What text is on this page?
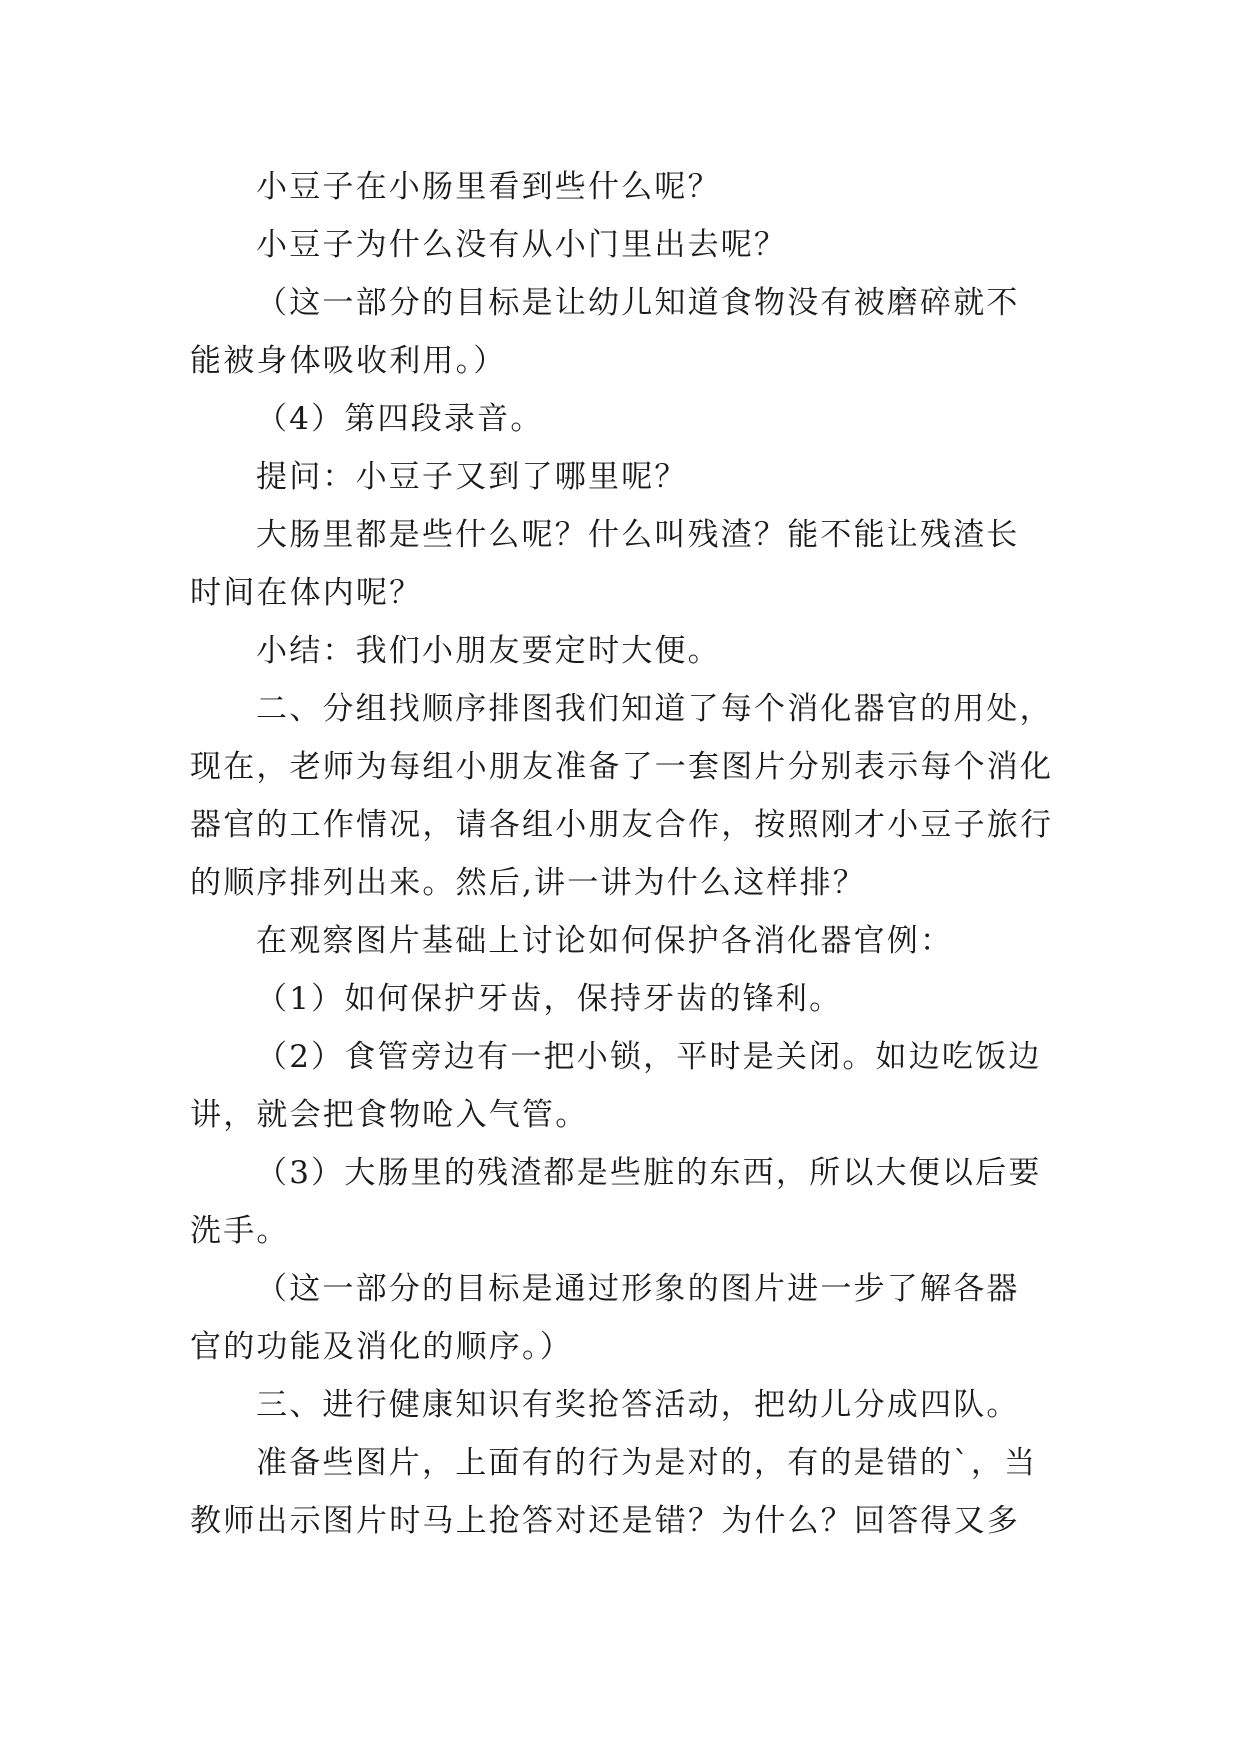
小豆子在小肠里看到些什么呢？
小豆子为什么没有从小门里出去呢？
（这一部分的目标是让幼儿知道食物没有被磨碎就不
能被身体吸收利用。）
（4）第四段录音。
提问：小豆子又到了哪里呢？
大肠里都是些什么呢？什么叫残渣？能不能让残渣长
时间在体内呢？
小结：我们小朋友要定时大便。
二、分组找顺序排图我们知道了每个消化器官的用处，
现在，老师为每组小朋友准备了一套图片分别表示每个消化
器官的工作情况，请各组小朋友合作，按照刚才小豆子旅行
的顺序排列出来。然后,讲一讲为什么这样排？
在观察图片基础上讨论如何保护各消化器官例：
（1）如何保护牙齿，保持牙齿的锋利。
（2）食管旁边有一把小锁，平时是关闭。如边吃饭边
讲，就会把食物呛入气管。
（3）大肠里的残渣都是些脏的东西，所以大便以后要
洗手。
（这一部分的目标是通过形象的图片进一步了解各器
官的功能及消化的顺序。）
三、进行健康知识有奖抢答活动，把幼儿分成四队。
准备些图片，上面有的行为是对的，有的是错的`，当
教师出示图片时马上抢答对还是错？为什么？回答得又多
